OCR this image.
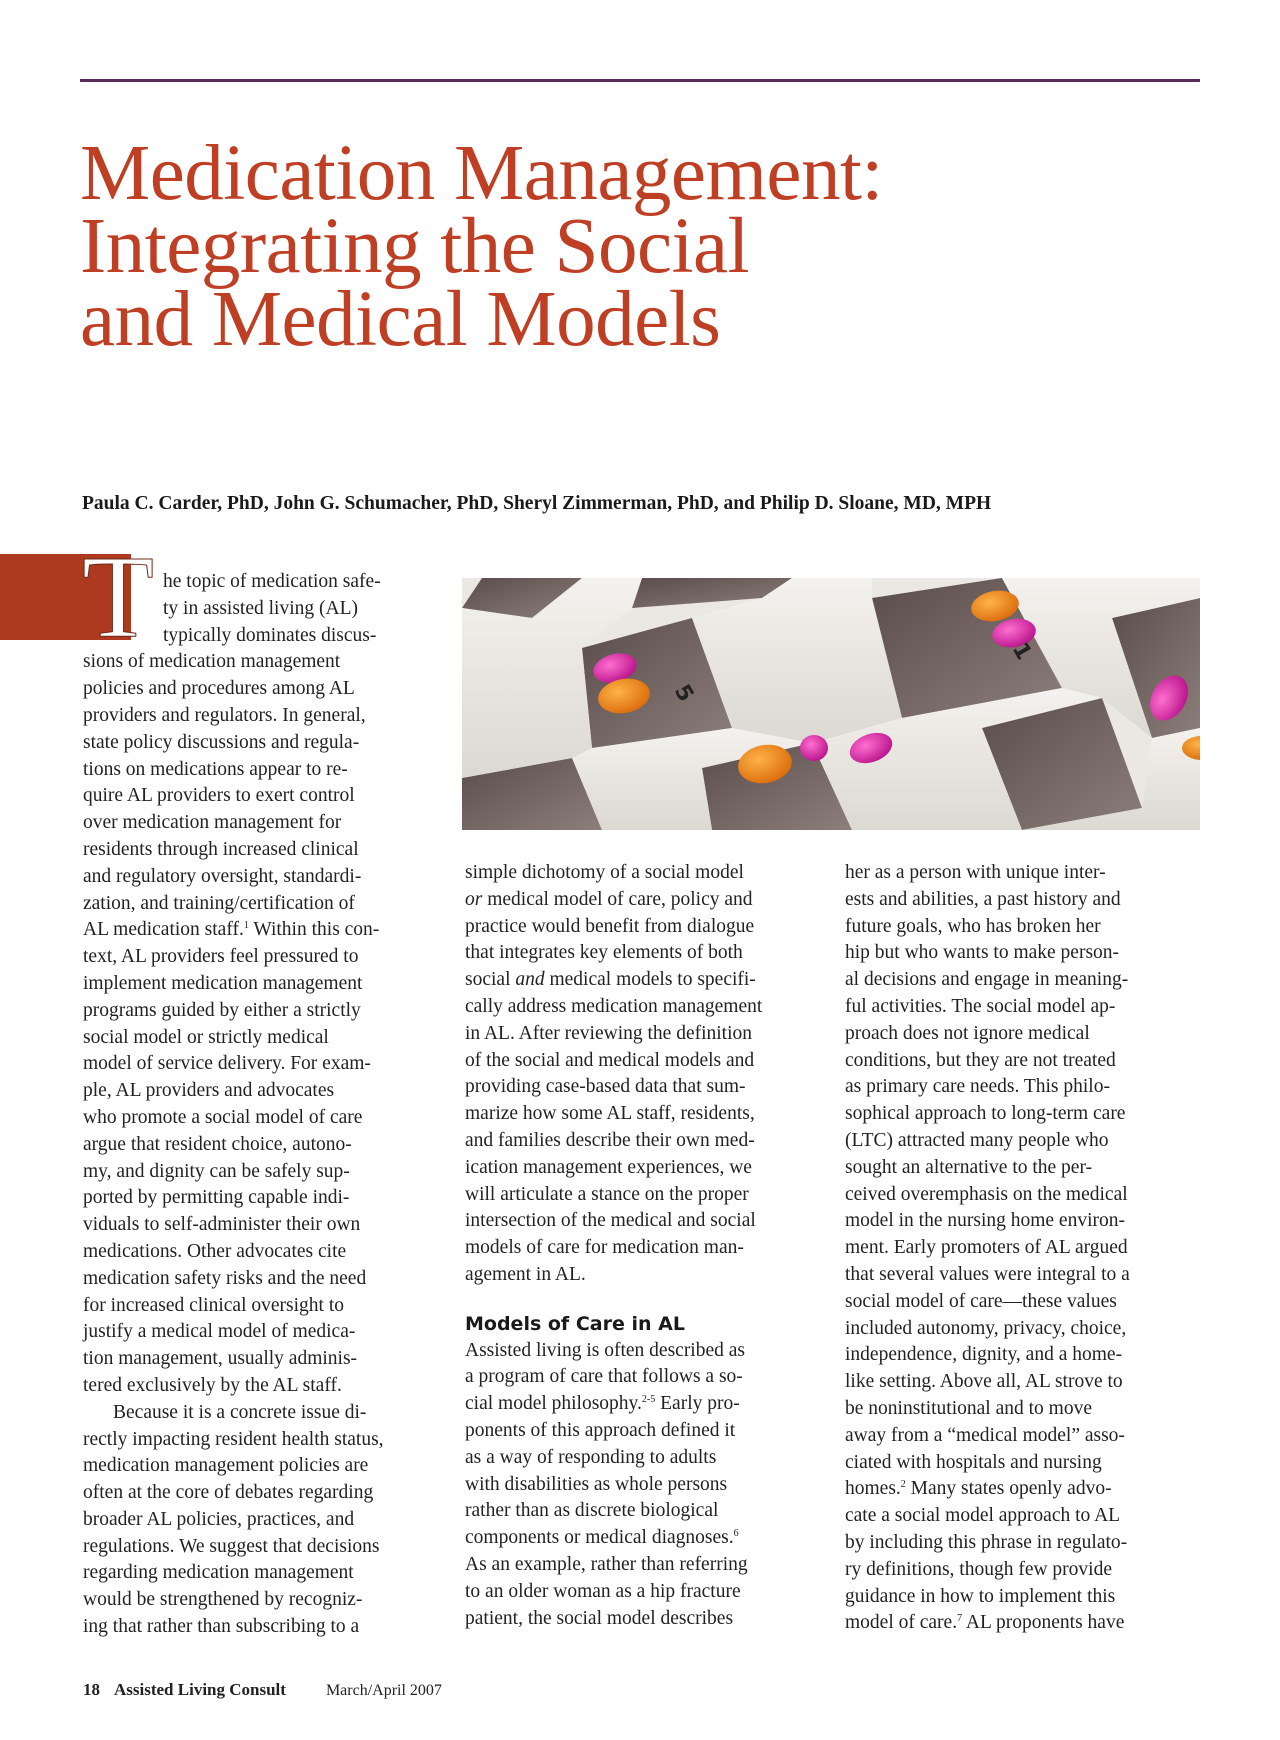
Medication Management:
Integrating the Social
and Medical Models

Paula C. Carder, PhD, John G. Schumacher, PhD, Sheryl Zimmerman, PhD, and Philip D. Sloane, MD, MPH

T
5
1
he topic of medication safe-
ty in assisted living (AL)
typically dominates discus-
sions of medication management
policies and procedures among AL
providers and regulators. In general,
state policy discussions and regula-
tions on medications appear to re-
quire AL providers to exert control
over medication management for
residents through increased clinical
and regulatory oversight, standardi-
zation, and training/certification of
AL medication staff.$^1$ Within this con-
text, AL providers feel pressured to
implement medication management
programs guided by either a strictly
social model or strictly medical
model of service delivery. For exam-
ple, AL providers and advocates
who promote a social model of care
argue that resident choice, autono-
my, and dignity can be safely sup-
ported by permitting capable indi-
viduals to self-administer their own
medications. Other advocates cite
medication safety risks and the need
for increased clinical oversight to
justify a medical model of medica-
tion management, usually adminis-
tered exclusively by the AL staff.
Because it is a concrete issue di-
rectly impacting resident health status,
medication management policies are
often at the core of debates regarding
broader AL policies, practices, and
regulations. We suggest that decisions
regarding medication management
would be strengthened by recogniz-
ing that rather than subscribing to a
simple dichotomy of a social model
or medical model of care, policy and
practice would benefit from dialogue
that integrates key elements of both
social and medical models to specifi-
cally address medication management
in AL. After reviewing the definition
of the social and medical models and
providing case-based data that sum-
marize how some AL staff, residents,
and families describe their own med-
ication management experiences, we
will articulate a stance on the proper
intersection of the medical and social
models of care for medication man-
agement in AL.
Models of Care in AL
Assisted living is often described as
a program of care that follows a so-
cial model philosophy.$^{2-5}$ Early pro-
ponents of this approach defined it
as a way of responding to adults
with disabilities as whole persons
rather than as discrete biological
components or medical diagnoses.$^6$
As an example, rather than referring
to an older woman as a hip fracture
patient, the social model describes
her as a person with unique inter-
ests and abilities, a past history and
future goals, who has broken her
hip but who wants to make person-
al decisions and engage in meaning-
ful activities. The social model ap-
proach does not ignore medical
conditions, but they are not treated
as primary care needs. This philo-
sophical approach to long-term care
(LTC) attracted many people who
sought an alternative to the per-
ceived overemphasis on the medical
model in the nursing home environ-
ment. Early promoters of AL argued
that several values were integral to a
social model of care—these values
included autonomy, privacy, choice,
independence, dignity, and a home-
like setting. Above all, AL strove to
be noninstitutional and to move
away from a “medical model” asso-
ciated with hospitals and nursing
homes.$^2$ Many states openly advo-
cate a social model approach to AL
by including this phrase in regulato-
ry definitions, though few provide
guidance in how to implement this
model of care.$^7$ AL proponents have
18 Assisted Living Consult	March/April 2007
